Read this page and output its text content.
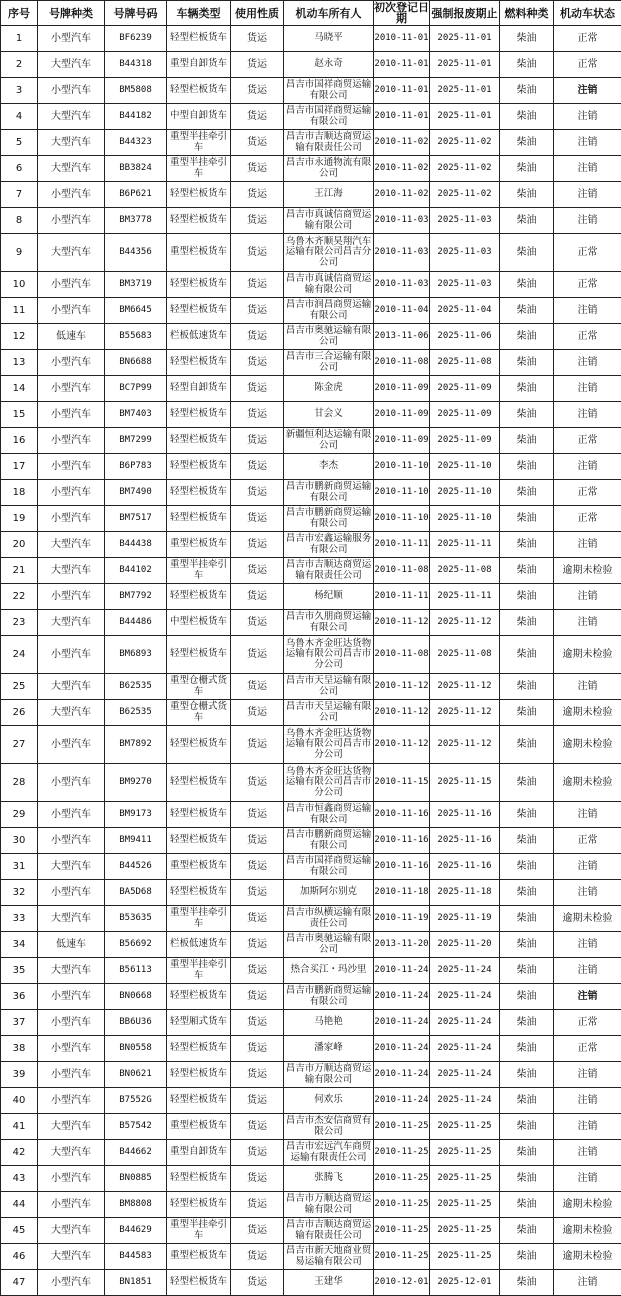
序号	号牌种类	号牌号码	车辆类型	使用性质	机动车所有人	初次登记日期	强制报废期止	燃料种类	机动车状态
1	小型汽车	BF6239	轻型栏板货车	货运	马晓平	2010-11-01	2025-11-01	柴油	正常
2	大型汽车	B44318	重型自卸货车	货运	赵永奇	2010-11-01	2025-11-01	柴油	正常
3	小型汽车	BM5808	轻型栏板货车	货运	昌吉市国祥商贸运输有限公司	2010-11-01	2025-11-01	柴油	注销
4	大型汽车	B44182	中型自卸货车	货运	昌吉市国祥商贸运输有限公司	2010-11-01	2025-11-01	柴油	注销
5	大型汽车	B44323	重型半挂牵引车	货运	昌吉市吉顺达商贸运输有限责任公司	2010-11-02	2025-11-02	柴油	注销
6	大型汽车	BB3824	重型半挂牵引车	货运	昌吉市永通物流有限公司	2010-11-02	2025-11-02	柴油	注销
7	小型汽车	B6P621	轻型栏板货车	货运	王江海	2010-11-02	2025-11-02	柴油	注销
8	小型汽车	BM3778	轻型栏板货车	货运	昌吉市真诚信商贸运输有限公司	2010-11-03	2025-11-03	柴油	注销
9	大型汽车	B44356	重型栏板货车	货运	乌鲁木齐顺昊翔汽车运输有限公司昌吉分公司	2010-11-03	2025-11-03	柴油	正常
10	小型汽车	BM3719	轻型栏板货车	货运	昌吉市真诚信商贸运输有限公司	2010-11-03	2025-11-03	柴油	正常
11	小型汽车	BM6645	轻型栏板货车	货运	昌吉市润昌商贸运输有限公司	2010-11-04	2025-11-04	柴油	注销
12	低速车	B55683	栏板低速货车	货运	昌吉市奥驰运输有限公司	2013-11-06	2025-11-06	柴油	正常
13	小型汽车	BN6688	轻型栏板货车	货运	昌吉市三合运输有限公司	2010-11-08	2025-11-08	柴油	注销
14	小型汽车	BC7P99	轻型自卸货车	货运	陈金虎	2010-11-09	2025-11-09	柴油	注销
15	小型汽车	BM7403	轻型栏板货车	货运	甘会义	2010-11-09	2025-11-09	柴油	注销
16	小型汽车	BM7299	轻型栏板货车	货运	新疆恒利达运输有限公司	2010-11-09	2025-11-09	柴油	正常
17	小型汽车	B6P783	轻型栏板货车	货运	李杰	2010-11-10	2025-11-10	柴油	注销
18	小型汽车	BM7490	轻型栏板货车	货运	昌吉市鹏新商贸运输有限公司	2010-11-10	2025-11-10	柴油	正常
19	小型汽车	BM7517	轻型栏板货车	货运	昌吉市鹏新商贸运输有限公司	2010-11-10	2025-11-10	柴油	正常
20	大型汽车	B44438	重型栏板货车	货运	昌吉市宏鑫运输服务有限公司	2010-11-11	2025-11-11	柴油	注销
21	大型汽车	B44102	重型半挂牵引车	货运	昌吉市吉顺达商贸运输有限责任公司	2010-11-08	2025-11-08	柴油	逾期未检验
22	小型汽车	BM7792	轻型栏板货车	货运	杨纪顺	2010-11-11	2025-11-11	柴油	注销
23	大型汽车	B44486	中型栏板货车	货运	昌吉市久朋商贸运输有限公司	2010-11-12	2025-11-12	柴油	注销
24	小型汽车	BM6893	轻型栏板货车	货运	乌鲁木齐金旺达货物运输有限公司昌吉市分公司	2010-11-08	2025-11-08	柴油	逾期未检验
25	大型汽车	B62535	重型仓栅式货车	货运	昌吉市天呈运输有限公司	2010-11-12	2025-11-12	柴油	注销
26	大型汽车	B62535	重型仓栅式货车	货运	昌吉市天呈运输有限公司	2010-11-12	2025-11-12	柴油	逾期未检验
27	小型汽车	BM7892	轻型栏板货车	货运	乌鲁木齐金旺达货物运输有限公司昌吉市分公司	2010-11-12	2025-11-12	柴油	逾期未检验
28	小型汽车	BM9270	轻型栏板货车	货运	乌鲁木齐金旺达货物运输有限公司昌吉市分公司	2010-11-15	2025-11-15	柴油	逾期未检验
29	小型汽车	BM9173	轻型栏板货车	货运	昌吉市恒鑫商贸运输有限公司	2010-11-16	2025-11-16	柴油	注销
30	小型汽车	BM9411	轻型栏板货车	货运	昌吉市鹏新商贸运输有限公司	2010-11-16	2025-11-16	柴油	正常
31	大型汽车	B44526	重型栏板货车	货运	昌吉市国祥商贸运输有限公司	2010-11-16	2025-11-16	柴油	注销
32	小型汽车	BA5D68	轻型栏板货车	货运	加斯阿尔别克	2010-11-18	2025-11-18	柴油	注销
33	大型汽车	B53635	重型半挂牵引车	货运	昌吉市纵横运输有限责任公司	2010-11-19	2025-11-19	柴油	逾期未检验
34	低速车	B56692	栏板低速货车	货运	昌吉市奥驰运输有限公司	2013-11-20	2025-11-20	柴油	注销
35	大型汽车	B56113	重型半挂牵引车	货运	热合买江・玛沙里	2010-11-24	2025-11-24	柴油	注销
36	小型汽车	BN0668	轻型栏板货车	货运	昌吉市鹏新商贸运输有限公司	2010-11-24	2025-11-24	柴油	注销
37	小型汽车	BB6U36	轻型厢式货车	货运	马艳艳	2010-11-24	2025-11-24	柴油	正常
38	小型汽车	BN0558	轻型栏板货车	货运	潘家峰	2010-11-24	2025-11-24	柴油	正常
39	小型汽车	BN0621	轻型栏板货车	货运	昌吉市万顺达商贸运输有限公司	2010-11-24	2025-11-24	柴油	注销
40	小型汽车	B7552G	轻型栏板货车	货运	何欢乐	2010-11-24	2025-11-24	柴油	注销
41	大型汽车	B57542	重型栏板货车	货运	昌吉市杰安信商贸有限公司	2010-11-25	2025-11-25	柴油	注销
42	大型汽车	B44662	重型自卸货车	货运	昌吉市宏远汽车商贸运输有限责任公司	2010-11-25	2025-11-25	柴油	注销
43	小型汽车	BN0885	轻型栏板货车	货运	张腾飞	2010-11-25	2025-11-25	柴油	注销
44	小型汽车	BM8808	轻型栏板货车	货运	昌吉市万顺达商贸运输有限公司	2010-11-25	2025-11-25	柴油	逾期未检验
45	大型汽车	B44629	重型半挂牵引车	货运	昌吉市吉顺达商贸运输有限责任公司	2010-11-25	2025-11-25	柴油	逾期未检验
46	大型汽车	B44583	重型栏板货车	货运	昌吉市新天地商业贸易运输有限公司	2010-11-25	2025-11-25	柴油	逾期未检验
47	小型汽车	BN1851	轻型栏板货车	货运	王建华	2010-12-01	2025-12-01	柴油	注销
